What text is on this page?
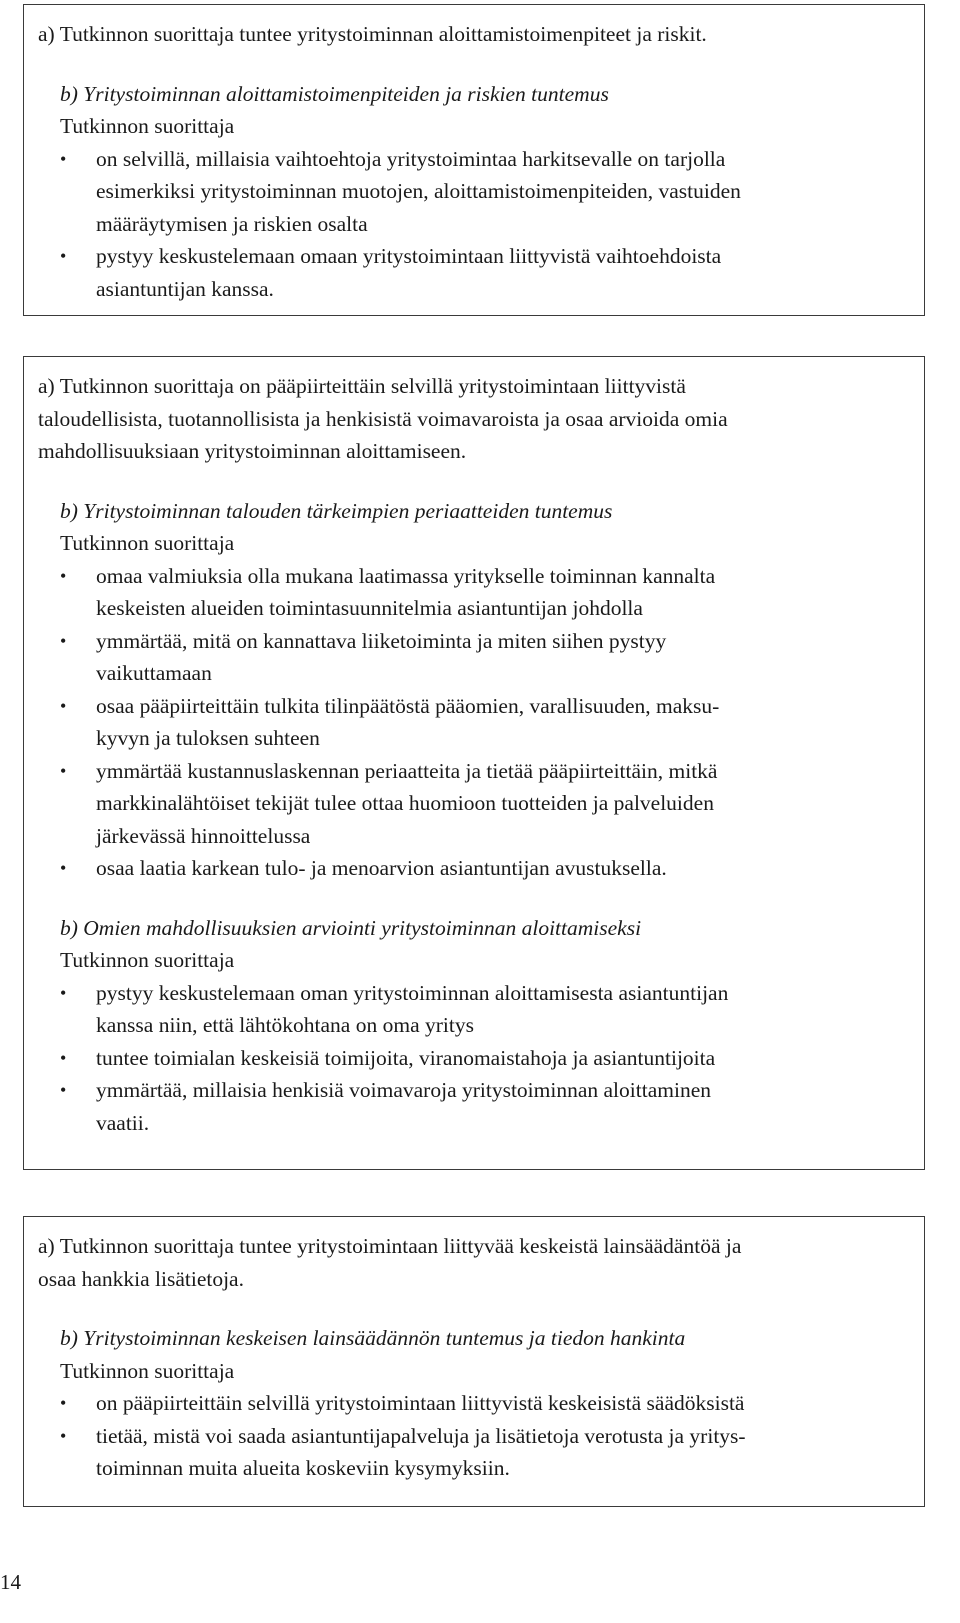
a) Tutkinnon suorittaja tuntee yritystoiminnan aloittamistoimenpiteet ja riskit.
b) Yritystoiminnan aloittamistoimenpiteiden ja riskien tuntemus
Tutkinnon suorittaja
• on selvillä, millaisia vaihtoehtoja yritystoimintaa harkitsevalle on tarjolla
esimerkiksi yritystoiminnan muotojen, aloittamistoimenpiteiden, vastuiden
määräytymisen ja riskien osalta
• pystyy keskustelemaan omaan yritystoimintaan liittyvistä vaihtoehdoista
asiantuntijan kanssa.
a) Tutkinnon suorittaja on pääpiirteittäin selvillä yritystoimintaan liittyvistä
taloudellisista, tuotannollisista ja henkisistä voimavaroista ja osaa arvioida omia
mahdollisuuksiaan yritystoiminnan aloittamiseen.
b) Yritystoiminnan talouden tärkeimpien periaatteiden tuntemus
Tutkinnon suorittaja
• omaa valmiuksia olla mukana laatimassa yritykselle toiminnan kannalta
keskeisten alueiden toimintasuunnitelmia asiantuntijan johdolla
• ymmärtää, mitä on kannattava liiketoiminta ja miten siihen pystyy
vaikuttamaan
• osaa pääpiirteittäin tulkita tilinpäätöstä pääomien, varallisuuden, maksu-
kyvyn ja tuloksen suhteen
• ymmärtää kustannuslaskennan periaatteita ja tietää pääpiirteittäin, mitkä
markkinalähtöiset tekijät tulee ottaa huomioon tuotteiden ja palveluiden
järkevässä hinnoittelussa
• osaa laatia karkean tulo- ja menoarvion asiantuntijan avustuksella.
b) Omien mahdollisuuksien arviointi yritystoiminnan aloittamiseksi
Tutkinnon suorittaja
• pystyy keskustelemaan oman yritystoiminnan aloittamisesta asiantuntijan
kanssa niin, että lähtökohtana on oma yritys
• tuntee toimialan keskeisiä toimijoita, viranomaistahoja ja asiantuntijoita
• ymmärtää, millaisia henkisiä voimavaroja yritystoiminnan aloittaminen
vaatii.
a) Tutkinnon suorittaja tuntee yritystoimintaan liittyvää keskeistä lainsäädäntöä ja
osaa hankkia lisätietoja.
b) Yritystoiminnan keskeisen lainsäädännön tuntemus ja tiedon hankinta
Tutkinnon suorittaja
• on pääpiirteittäin selvillä yritystoimintaan liittyvistä keskeisistä säädöksistä
• tietää, mistä voi saada asiantuntijapalveluja ja lisätietoja verotusta ja yritys-
toiminnan muita alueita koskeviin kysymyksiin.
14
